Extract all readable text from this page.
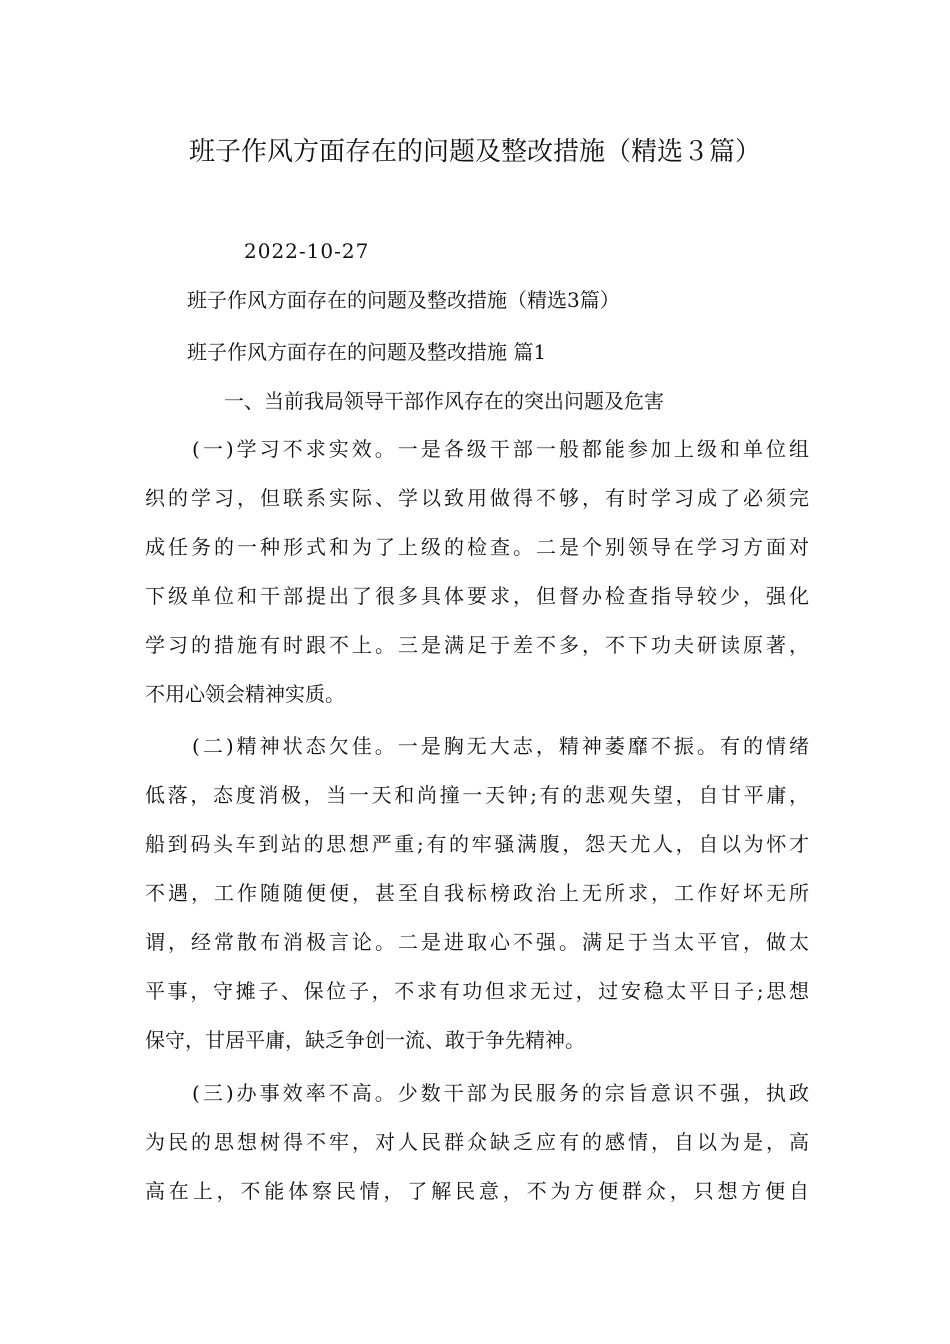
班子作风方面存在的问题及整改措施（精选３篇）
2022-10-27
班子作风方面存在的问题及整改措施（精选3篇）
班子作风方面存在的问题及整改措施 篇1
一、当前我局领导干部作风存在的突出问题及危害
(一)学习不求实效。一是各级干部一般都能参加上级和单位组
织的学习，但联系实际、学以致用做得不够，有时学习成了必须完
成任务的一种形式和为了上级的检查。二是个别领导在学习方面对
下级单位和干部提出了很多具体要求，但督办检查指导较少，强化
学习的措施有时跟不上。三是满足于差不多，不下功夫研读原著，
不用心领会精神实质。
(二)精神状态欠佳。一是胸无大志，精神萎靡不振。有的情绪
低落，态度消极，当一天和尚撞一天钟;有的悲观失望，自甘平庸，
船到码头车到站的思想严重;有的牢骚满腹，怨天尤人，自以为怀才
不遇，工作随随便便，甚至自我标榜政治上无所求，工作好坏无所
谓，经常散布消极言论。二是进取心不强。满足于当太平官，做太
平事，守摊子、保位子，不求有功但求无过，过安稳太平日子;思想
保守，甘居平庸，缺乏争创一流、敢于争先精神。
(三)办事效率不高。少数干部为民服务的宗旨意识不强，执政
为民的思想树得不牢，对人民群众缺乏应有的感情，自以为是，高
高在上，不能体察民情，了解民意，不为方便群众，只想方便自
